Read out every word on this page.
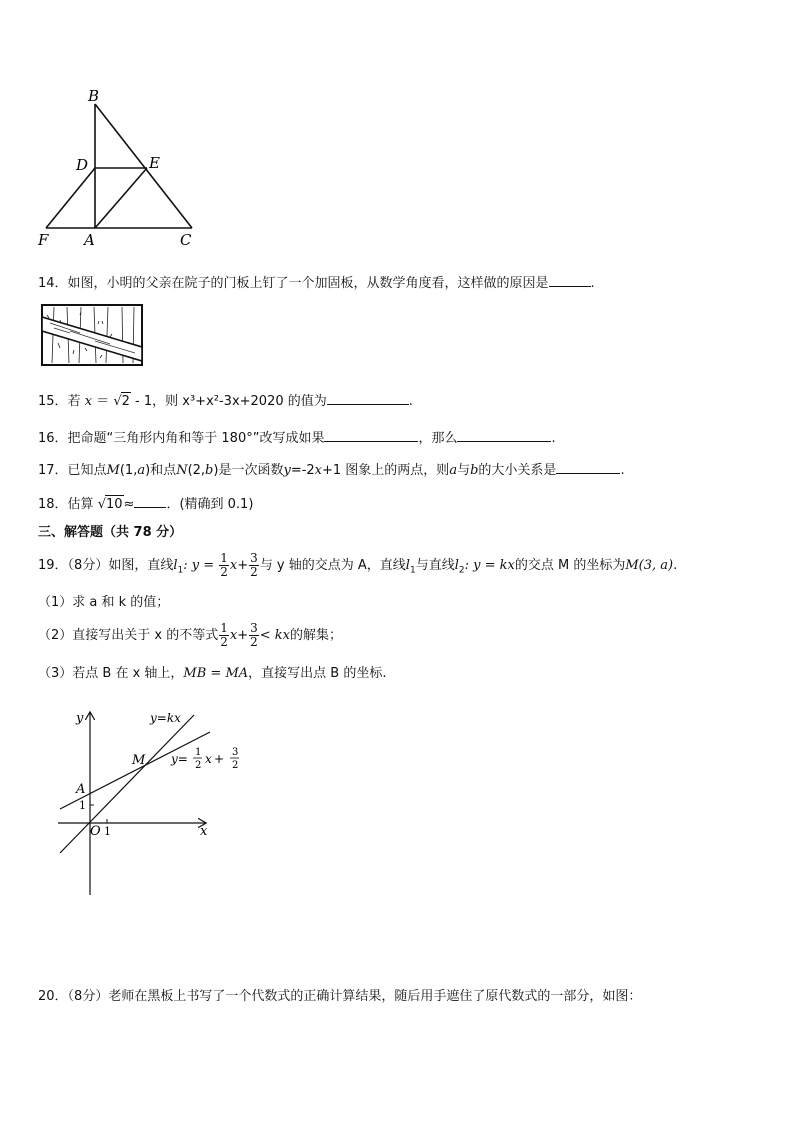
B
D	E
F A	C
14．如图，小明的父亲在院子的门板上钉了一个加固板，从数学角度看，这样做的原因是	.
15．若 x ＝ √2 - 1，则 x³+x²-3x+2020 的值为	.
16．把命题“三角形内角和等于 180°”改写成如果	，那么	.
17．已知点M(1,a)和点N(2,b)是一次函数y=-2x+1 图象上的两点，则a与b的大小关系是	.
18．估算 √10≈ ．(精确到 0.1)
三、解答题（共 78 分）
19．（8分）如图，直线$l_1$: $y = \frac{1}{2} x+ \frac{3}{2}$ 与 y 轴的交点为 A，直线$l_1$与直线$l_2$: y = kx的交点 M 的坐标为M(3, a).
（1）求 a 和 k 的值；
（2）直接写出关于 x 的不等式 $\frac{1}{2} x+ \frac{3}{2}$ < kx的解集；
（3）若点 B 在 x 轴上，MB = MA，直接写出点 B 的坐标.
y
x
O 1
1
A
M
y=kx
y= 1
2 x + 3
2
20．（8分）老师在黑板上书写了一个代数式的正确计算结果，随后用手遮住了原代数式的一部分，如图：
